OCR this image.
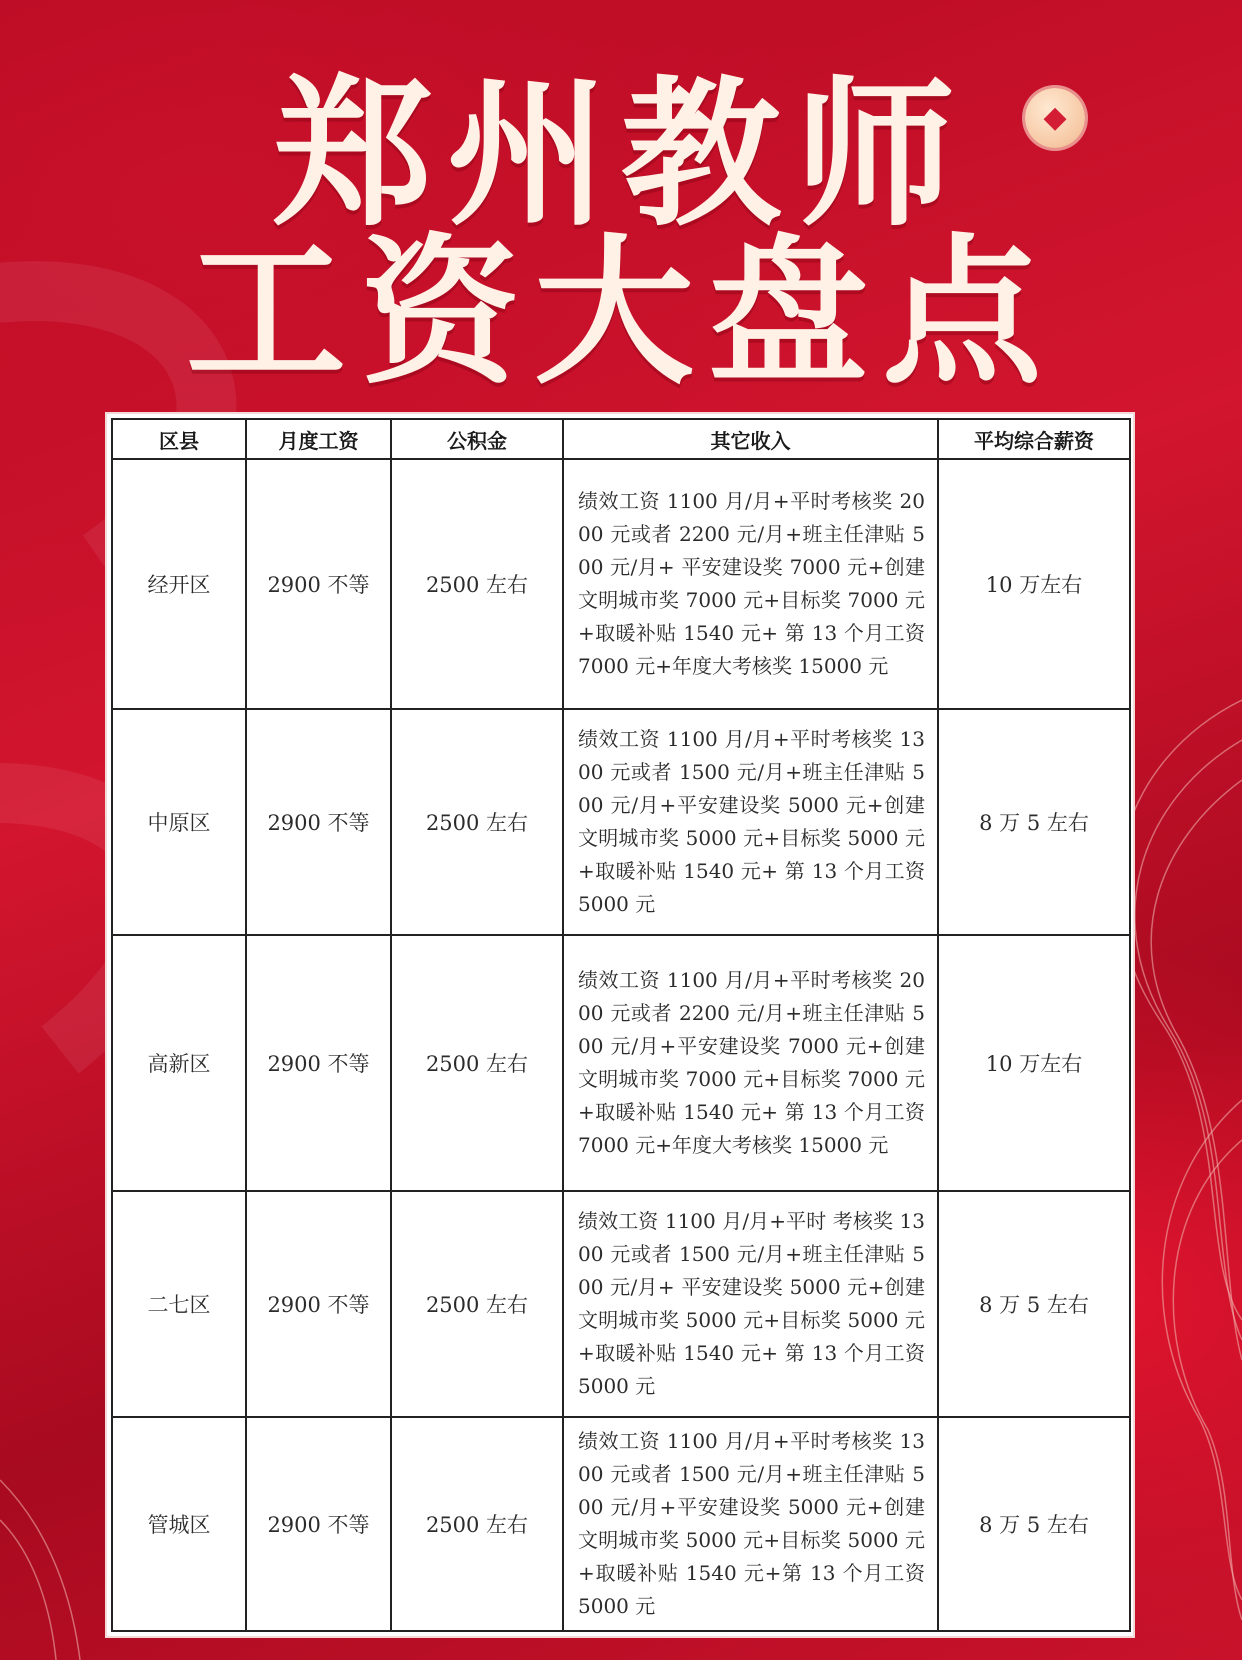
郑州教师
工资大盘点
◆
区县	月度工资	公积金	其它收入	平均综合薪资
经开区	2900 不等	2500 左右	绩效工资 1100 月/月+平时考核奖 2000 元或者 2200 元/月+班主任津贴 500 元/月+ 平安建设奖 7000 元+创建文明城市奖 7000 元+目标奖 7000 元+取暖补贴 1540 元+ 第 13 个月工资 7000 元+年度大考核奖 15000 元	10 万左右
中原区	2900 不等	2500 左右	绩效工资 1100 月/月+平时考核奖 1300 元或者 1500 元/月+班主任津贴 500 元/月+平安建设奖 5000 元+创建文明城市奖 5000 元+目标奖 5000 元+取暖补贴 1540 元+ 第 13 个月工资 5000 元	8 万 5 左右
高新区	2900 不等	2500 左右	绩效工资 1100 月/月+平时考核奖 2000 元或者 2200 元/月+班主任津贴 500 元/月+平安建设奖 7000 元+创建文明城市奖 7000 元+目标奖 7000 元+取暖补贴 1540 元+ 第 13 个月工资 7000 元+年度大考核奖 15000 元	10 万左右
二七区	2900 不等	2500 左右	绩效工资 1100 月/月+平时 考核奖 1300 元或者 1500 元/月+班主任津贴 500 元/月+ 平安建设奖 5000 元+创建文明城市奖 5000 元+目标奖 5000 元+取暖补贴 1540 元+ 第 13 个月工资 5000 元	8 万 5 左右
管城区	2900 不等	2500 左右	绩效工资 1100 月/月+平时考核奖 1300 元或者 1500 元/月+班主任津贴 500 元/月+平安建设奖 5000 元+创建文明城市奖 5000 元+目标奖 5000 元+取暖补贴 1540 元+第 13 个月工资 5000 元	8 万 5 左右
